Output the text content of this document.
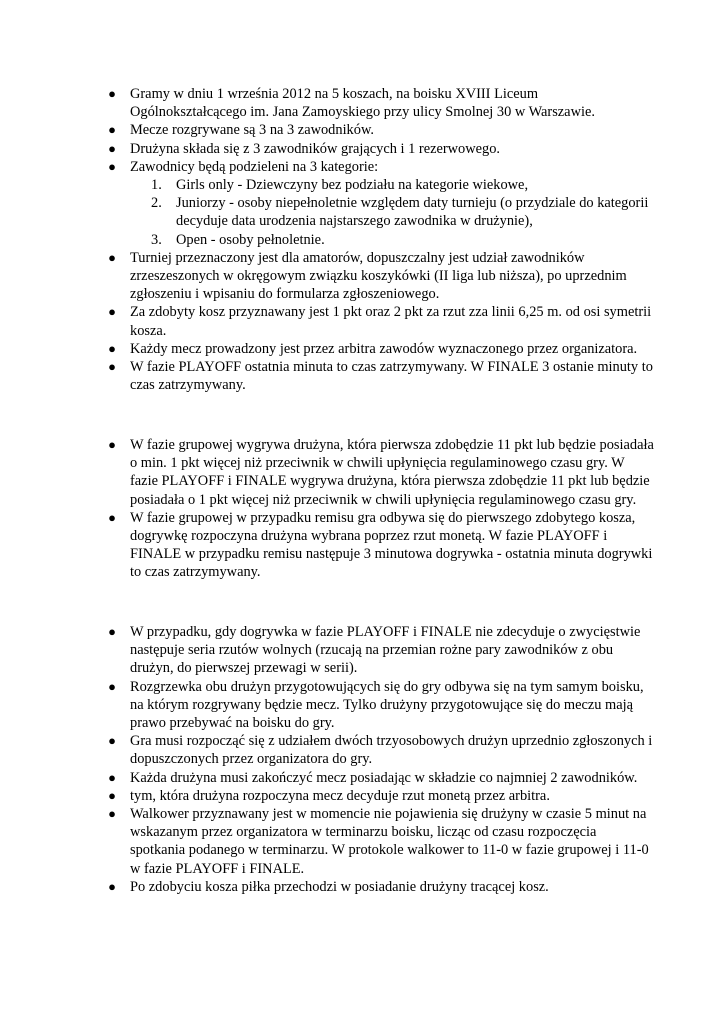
● Gramy w dniu 1 września 2012 na 5 koszach, na boisku XVIII Liceum Ogólnokształcącego im. Jana Zamoyskiego przy ulicy Smolnej 30 w Warszawie.
● Mecze rozgrywane są 3 na 3 zawodników.
● Drużyna składa się z 3 zawodników grających i 1 rezerwowego.
● Zawodnicy będą podzieleni na 3 kategorie:
1. Girls only - Dziewczyny bez podziału na kategorie wiekowe,
2. Juniorzy - osoby niepełnoletnie względem daty turnieju (o przydziale do kategorii decyduje data urodzenia najstarszego zawodnika w drużynie),
3. Open - osoby pełnoletnie.
● Turniej przeznaczony jest dla amatorów, dopuszczalny jest udział zawodników zrzeszeszonych w okręgowym związku koszykówki (II liga lub niższa), po uprzednim zgłoszeniu i wpisaniu do formularza zgłoszeniowego.
● Za zdobyty kosz przyznawany jest 1 pkt oraz 2 pkt za rzut zza linii 6,25 m. od osi symetrii kosza.
● Każdy mecz prowadzony jest przez arbitra zawodów wyznaczonego przez organizatora.
● W fazie PLAYOFF ostatnia minuta to czas zatrzymywany. W FINALE 3 ostanie minuty to czas zatrzymywany.
● W fazie grupowej wygrywa drużyna, która pierwsza zdobędzie 11 pkt lub będzie posiadała o min. 1 pkt więcej niż przeciwnik w chwili upłynięcia regulaminowego czasu gry. W fazie PLAYOFF i FINALE wygrywa drużyna, która pierwsza zdobędzie 11 pkt lub będzie posiadała o 1 pkt więcej niż przeciwnik w chwili upłynięcia regulaminowego czasu gry.
● W fazie grupowej w przypadku remisu gra odbywa się do pierwszego zdobytego kosza, dogrywkę rozpoczyna drużyna wybrana poprzez rzut monetą. W fazie PLAYOFF i FINALE w przypadku remisu następuje 3 minutowa dogrywka - ostatnia minuta dogrywki to czas zatrzymywany.
● W przypadku, gdy dogrywka w fazie PLAYOFF i FINALE nie zdecyduje o zwycięstwie następuje seria rzutów wolnych (rzucają na przemian rożne pary zawodników z obu drużyn, do pierwszej przewagi w serii).
● Rozgrzewka obu drużyn przygotowujących się do gry odbywa się na tym samym boisku, na którym rozgrywany będzie mecz. Tylko drużyny przygotowujące się do meczu mają prawo przebywać na boisku do gry.
● Gra musi rozpocząć się z udziałem dwóch trzyosobowych drużyn uprzednio zgłoszonych i dopuszczonych przez organizatora do gry.
● Każda drużyna musi zakończyć mecz posiadając w składzie co najmniej 2 zawodników.
● tym, która drużyna rozpoczyna mecz decyduje rzut monetą przez arbitra.
● Walkower przyznawany jest w momencie nie pojawienia się drużyny w czasie 5 minut na wskazanym przez organizatora w terminarzu boisku, licząc od czasu rozpoczęcia spotkania podanego w terminarzu. W protokole walkower to 11-0 w fazie grupowej i 11-0 w fazie PLAYOFF i FINALE.
● Po zdobyciu kosza piłka przechodzi w posiadanie drużyny tracącej kosz.
